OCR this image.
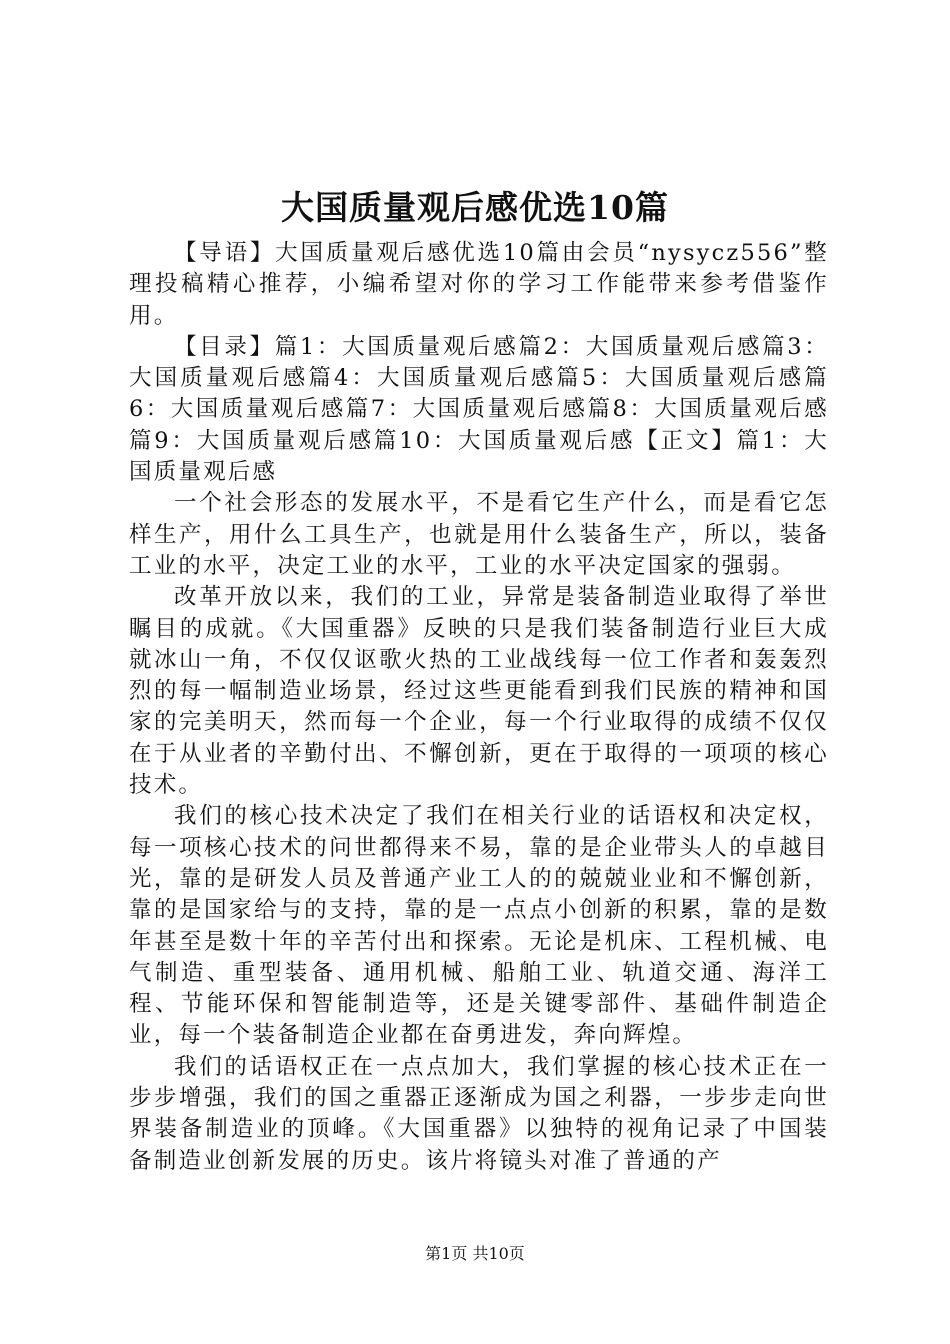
大国质量观后感优选10篇

【导语】大国质量观后感优选10篇由会员“nysycz556”整理投稿精心推荐，小编希望对你的学习工作能带来参考借鉴作用。

【目录】篇1：大国质量观后感篇2：大国质量观后感篇3：大国质量观后感篇4：大国质量观后感篇5：大国质量观后感篇6：大国质量观后感篇7：大国质量观后感篇8：大国质量观后感篇9：大国质量观后感篇10：大国质量观后感【正文】篇1：大国质量观后感

一个社会形态的发展水平，不是看它生产什么，而是看它怎样生产，用什么工具生产，也就是用什么装备生产，所以，装备工业的水平，决定工业的水平，工业的水平决定国家的强弱。

改革开放以来，我们的工业，异常是装备制造业取得了举世瞩目的成就。《大国重器》反映的只是我们装备制造行业巨大成就冰山一角，不仅仅讴歌火热的工业战线每一位工作者和轰轰烈烈的每一幅制造业场景，经过这些更能看到我们民族的精神和国家的完美明天，然而每一个企业，每一个行业取得的成绩不仅仅在于从业者的辛勤付出、不懈创新，更在于取得的一项项的核心技术。

我们的核心技术决定了我们在相关行业的话语权和决定权，每一项核心技术的问世都得来不易，靠的是企业带头人的卓越目光，靠的是研发人员及普通产业工人的的兢兢业业和不懈创新，靠的是国家给与的支持，靠的是一点点小创新的积累，靠的是数年甚至是数十年的辛苦付出和探索。无论是机床、工程机械、电气制造、重型装备、通用机械、船舶工业、轨道交通、海洋工程、节能环保和智能制造等，还是关键零部件、基础件制造企业，每一个装备制造企业都在奋勇进发，奔向辉煌。

我们的话语权正在一点点加大，我们掌握的核心技术正在一步步增强，我们的国之重器正逐渐成为国之利器，一步步走向世界装备制造业的顶峰。《大国重器》以独特的视角记录了中国装备制造业创新发展的历史。该片将镜头对准了普通的产

第1页 共10页
